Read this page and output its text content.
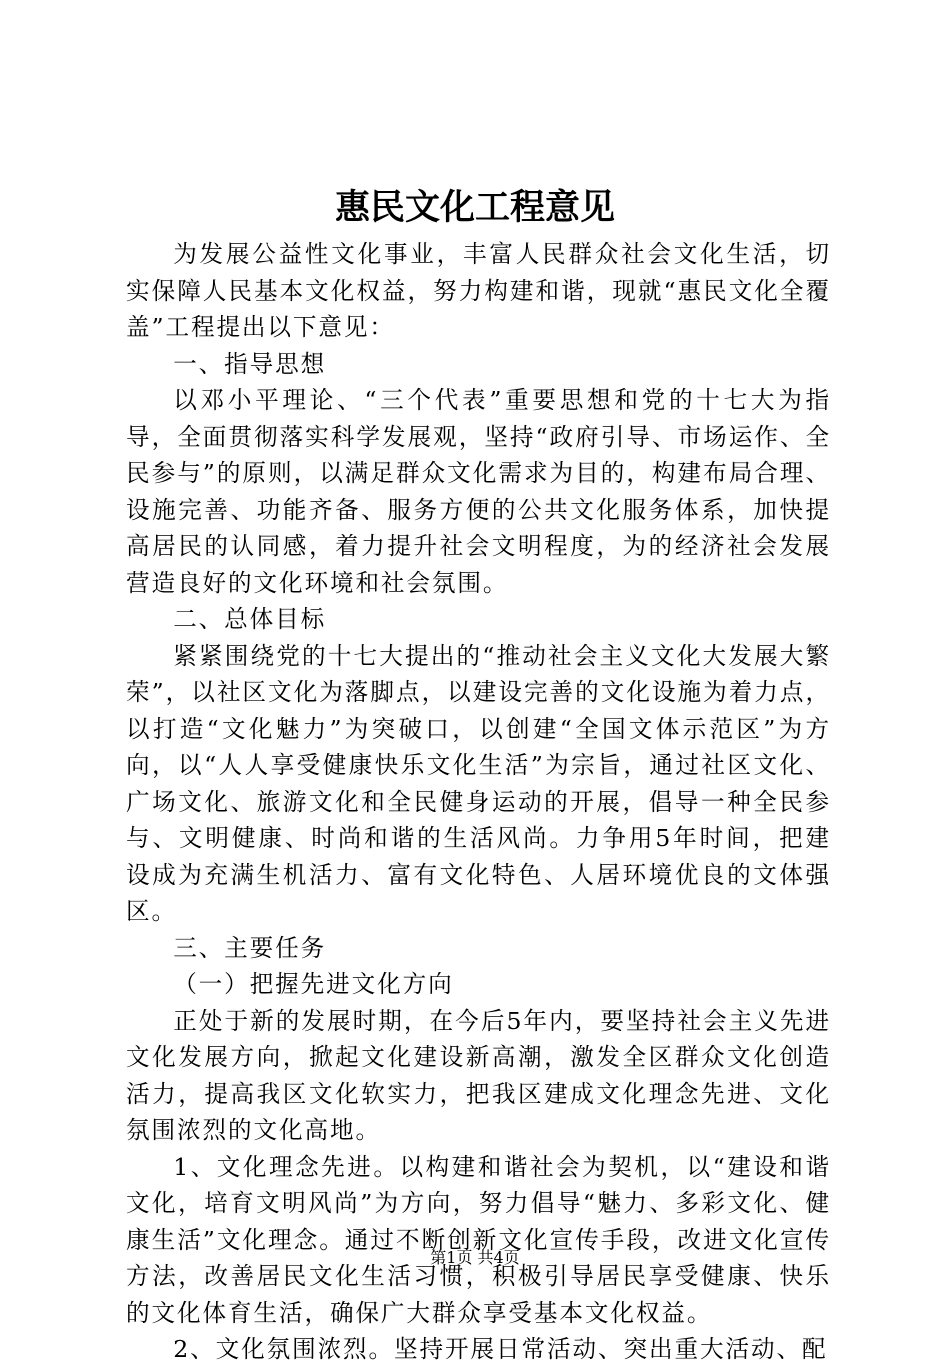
惠民文化工程意见

为发展公益性文化事业，丰富人民群众社会文化生活，切实保障人民基本文化权益，努力构建和谐，现就“惠民文化全覆盖”工程提出以下意见：

一、指导思想

以邓小平理论、“三个代表”重要思想和党的十七大为指导，全面贯彻落实科学发展观，坚持“政府引导、市场运作、全民参与”的原则，以满足群众文化需求为目的，构建布局合理、设施完善、功能齐备、服务方便的公共文化服务体系，加快提高居民的认同感，着力提升社会文明程度，为的经济社会发展营造良好的文化环境和社会氛围。

二、总体目标

紧紧围绕党的十七大提出的“推动社会主义文化大发展大繁荣”，以社区文化为落脚点，以建设完善的文化设施为着力点，以打造“文化魅力”为突破口，以创建“全国文体示范区”为方向，以“人人享受健康快乐文化生活”为宗旨，通过社区文化、广场文化、旅游文化和全民健身运动的开展，倡导一种全民参与、文明健康、时尚和谐的生活风尚。力争用5年时间，把建设成为充满生机活力、富有文化特色、人居环境优良的文体强区。

三、主要任务

（一）把握先进文化方向

正处于新的发展时期，在今后5年内，要坚持社会主义先进文化发展方向，掀起文化建设新高潮，激发全区群众文化创造活力，提高我区文化软实力，把我区建成文化理念先进、文化氛围浓烈的文化高地。

1、文化理念先进。以构建和谐社会为契机，以“建设和谐文化，培育文明风尚”为方向，努力倡导“魅力、多彩文化、健康生活”文化理念。通过不断创新文化宣传手段，改进文化宣传方法，改善居民文化生活习惯，积极引导居民享受健康、快乐的文化体育生活，确保广大群众享受基本文化权益。

2、文化氛围浓烈。坚持开展日常活动、突出重大活动、配

第1页 共4页
